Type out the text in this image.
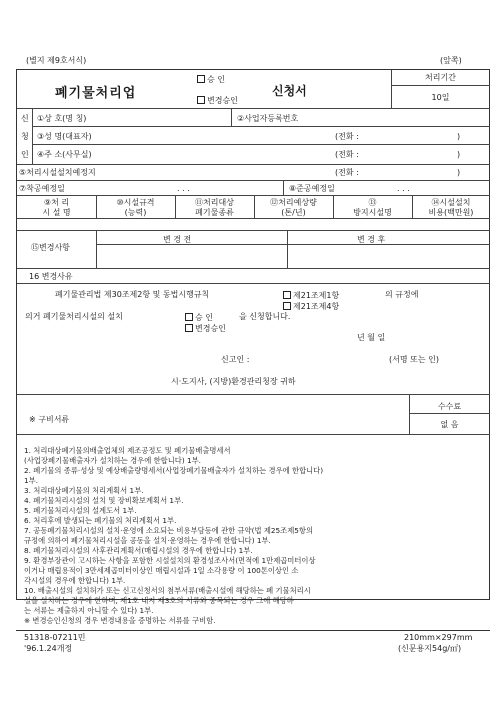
(별지 제9호서식)	(앞쪽)
폐기물처리업
승 인
변경승인
신청서
처리기간
10일
신
청
인
①상 호(명 칭)	②사업자등록번호
③성 명(대표자)	(전화 :	)
④주 소(사무실)	(전화 :	)
⑤처리시설설치예정지	(전화 :	)
⑦착공예정일	. . .	⑧준공예정일	. . .
⑨처 리
시 설 명
⑩시설규격
(능력)
⑪처리대상
폐기물종류
⑫처리예상량
(톤/년)
⑬
방지시설명
⑭시설설치
비용(백만원)
⑮변경사항
변 경 전	변 경 후
16 변경사유
폐기물관리법 제30조제2항 및 동법시행규칙	제21조제1항	의 규정에
제21조제4항
의거 폐기물처리시설의 설치	승 인	을 신청합니다.
변경승인
년 월 일
신고인 :	(서명 또는 인)
시·도지사, (지방)환경관리청장 귀하
※ 구비서류
수수료
없 음
1. 처리대상폐기물의배출업체의 제조공정도 및 폐기물배출명세서
(사업장폐기물배출자가 설치하는 경우에 한합니다) 1부.
2. 폐기물의 종류·성상 및 예상배출량명세서(사업장폐기물배출자가 설치하는 경우에 한합니다)
1부.
3. 처리대상폐기물의 처리계획서 1부.
4. 폐기물처리시설의 설치 및 장비확보계획서 1부.
5. 폐기물처리시설의 설계도서 1부.
6. 처리후에 발생되는 폐기물의 처리계획서 1부.
7. 공동폐기물처리시설의 설치·운영에 소요되는 비용부담등에 관한 규약(법 제25조제5항의
규정에 의하여 폐기물처리시설을 공동을 설치·운영하는 경우에 한합니다) 1부.
8. 폐기물처리시설의 사후관리계획서(매립시설의 경우에 한합니다) 1부.
9. 환경부장관이 고시하는 사항을 포함한 시설설치의 환경성조사서(면적에 1만제곱미터이상
이거나 매립용적이 3만세제곱미터이상인 매립시설과 1일 소각용량 이 100톤이상인 소
각시설의 경우에 한합니다) 1부.
10. 배출시설의 설치허가 또는 신고신청서의 첨부서류(배출시설에 해당하는 폐 기물처리시
설을 설치하는 경우에 한하며, 제1호 내지 제3호의 서류와 중복되는 경우 그에 해당하
는 서류는 제출하지 아니할 수 있다) 1부.
※ 변경승인신청의 경우 변경내용을 증명하는 서류를 구비함.
51318-07211민
'96.1.24개정
210mm×297mm
(신문용지54g/㎡)
